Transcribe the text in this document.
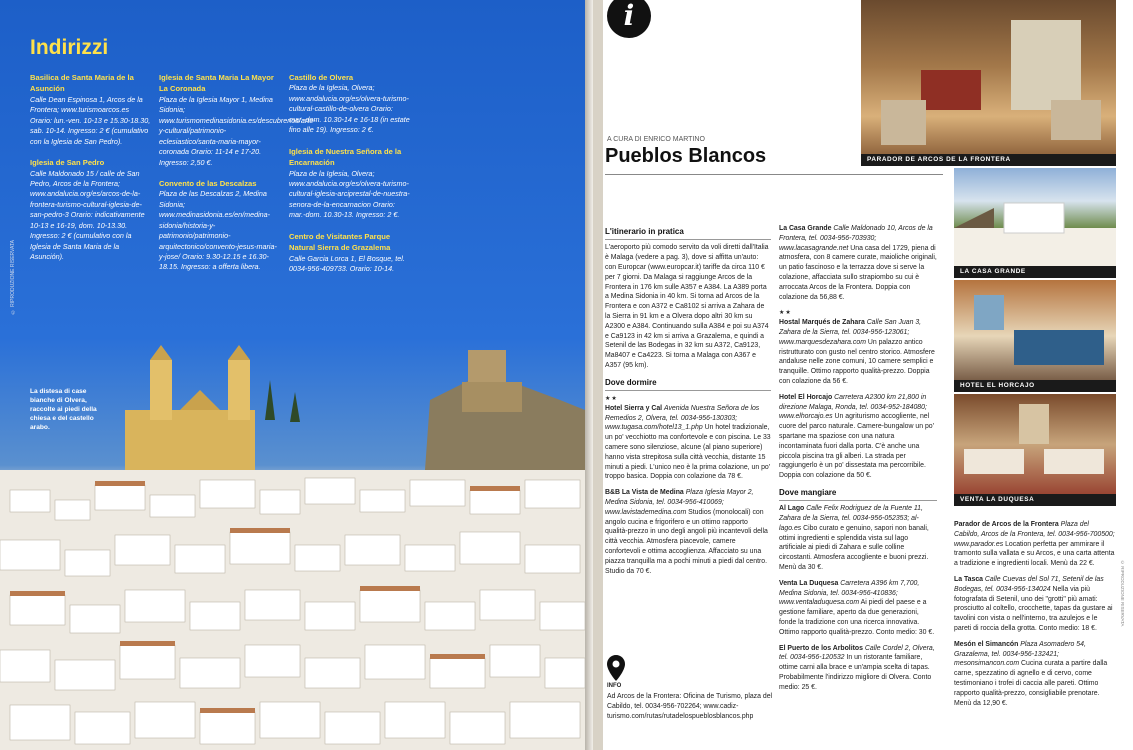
Indirizzi
Basilica de Santa Maria de la Asunción
Calle Dean Espinosa 1, Arcos de la Frontera; www.turismoarcos.es Orario: lun.-ven. 10-13 e 15.30-18.30, sab. 10-14. Ingresso: 2 € (cumulativo con la Iglesia de San Pedro).
Iglesia de San Pedro
Calle Maldonado 15 / calle de San Pedro, Arcos de la Frontera; www.andalucia.org/es/arcos-de-la-frontera-turismo-cultural-iglesia-de-san-pedro-3 Orario: indicativamente 10-13 e 16-19, dom. 10-13.30. Ingresso: 2 € (cumulativo con la Iglesia de Santa Maria de la Asunción).
Iglesia de Santa Maria La Mayor La Coronada
Plaza de la Iglesia Mayor 1, Medina Sidonia; www.turismomedinasidonia.es/descubrenos/arte-y-cultural/patrimonio-eclesiastico/santa-maria-mayor-coronada Orario: 11-14 e 17-20. Ingresso: 2,50 €.
Convento de las Descalzas
Plaza de las Descalzas 2, Medina Sidonia; www.medinasidonia.es/en/medina-sidonia/historia-y-patrimonio/patrimonio-arquitectonico/convento-jesus-maria-y-jose/ Orario: 9.30-12.15 e 16.30-18.15. Ingresso: a offerta libera.
Castillo de Olvera
Plaza de la Iglesia, Olvera; www.andalucia.org/es/olvera-turismo-cultural-castillo-de-olvera Orario: mar.-dom. 10.30-14 e 16-18 (in estate fino alle 19). Ingresso: 2 €.
Iglesia de Nuestra Señora de la Encarnación
Plaza de la Iglesia, Olvera; www.andalucia.org/es/olvera-turismo-cultural-iglesia-arciprestal-de-nuestra-senora-de-la-encarnacion Orario: mar.-dom. 10.30-13. Ingresso: 2 €.
Centro de Visitantes Parque Natural Sierra de Grazalema
Calle Garcia Lorca 1, El Bosque, tel. 0034-956-409733. Orario: 10-14.
© RIPRODUZIONE RISERVATA
La distesa di case bianche di Olvera, raccolte ai piedi della chiesa e del castello arabo.
i
A CURA DI ENRICO MARTINO
Pueblos Blancos
L'itinerario in pratica

L'aeroporto più comodo servito da voli diretti dall'Italia è Malaga (vedere a pag. 3), dove si affitta un'auto: con Europcar (www.europcar.it) tariffe da circa 110 € per 7 giorni. Da Malaga si raggiunge Arcos de la Frontera in 176 km sulle A357 e A384. La A389 porta a Medina Sidonia in 40 km. Si torna ad Arcos de la Frontera e con A372 e Ca8102 si arriva a Zahara de la Sierra in 91 km e a Olvera dopo altri 30 km su A2300 e A384. Continuando sulla A384 e poi su A374 e Ca9123 in 42 km si arriva a Grazalema, e quindi a Setenil de las Bodegas in 32 km su A372, Ca9123, Ma8407 e Ca4223. Si torna a Malaga con A367 e A357 (95 km).

Dove dormire

★★
Hotel Sierra y Cal Avenida Nuestra Señora de los Remedios 2, Olvera, tel. 0034-956-130303; www.tugasa.com/hotel13_1.php Un hotel tradizionale, un po' vecchiotto ma confortevole e con piscina. Le 33 camere sono silenziose, alcune (al piano superiore) hanno vista strepitosa sulla città vecchia, distante 15 minuti a piedi. L'unico neo è la prima colazione, un po' troppo basica. Doppia con colazione da 78 €.

B&B La Vista de Medina Plaza Iglesia Mayor 2, Medina Sidonia, tel. 0034-956-410069; www.lavistademedina.com Studios (monolocali) con angolo cucina e frigorifero e un ottimo rapporto qualità-prezzo in uno degli angoli più incantevoli della città vecchia. Atmosfera piacevole, camere confortevoli e ottima accoglienza. Affacciato su una piazza tranquilla ma a pochi minuti a piedi dal centro. Studio da 70 €.

La Casa Grande Calle Maldonado 10, Arcos de la Frontera, tel. 0034-956-703930; www.lacasagrande.net Una casa del 1729, piena di atmosfera, con 8 camere curate, maioliche originali, un patio fascinoso e la terrazza dove si serve la colazione, affacciata sullo strapiombo su cui è arroccata Arcos de la Frontera. Doppia con colazione da 56,88 €.

★★
Hostal Marqués de Zahara Calle San Juan 3, Zahara de la Sierra, tel. 0034-956-123061; www.marquesdezahara.com Un palazzo antico ristrutturato con gusto nel centro storico. Atmosfere andaluse nelle zone comuni, 10 camere semplici e tranquille. Ottimo rapporto qualità-prezzo. Doppia con colazione da 56 €.

Hotel El Horcajo Carretera A2300 km 21,800 in direzione Malaga, Ronda, tel. 0034-952-184080; www.elhorcajo.es Un agriturismo accogliente, nel cuore del parco naturale. Camere-bungalow un po' spartane ma spaziose con una natura incontaminata fuori dalla porta. C'è anche una piccola piscina tra gli alberi. La strada per raggiungerlo è un po' dissestata ma percorribile. Doppia con colazione da 50 €.

Dove mangiare

Al Lago Calle Felix Rodriguez de la Fuente 11, Zahara de la Sierra, tel. 0034-956-052353; al-lago.es Cibo curato e genuino, sapori non banali, ottimi ingredienti e splendida vista sul lago artificiale ai piedi di Zahara e sulle colline circostanti. Atmosfera accogliente e buoni prezzi. Menù da 30 €.

Venta La Duquesa Carretera A396 km 7,700, Medina Sidonia, tel. 0034-956-410836; www.ventaladuquesa.com Ai piedi del paese e a gestione familiare, aperto da due generazioni, fonde la tradizione con una ricerca innovativa. Ottimo rapporto qualità-prezzo. Conto medio: 30 €.

El Puerto de los Arbolitos Calle Cordel 2, Olvera, tel. 0034-956-120532 In un ristorante familiare, ottime carni alla brace e un'ampia scelta di tapas. Probabilmente l'indirizzo migliore di Olvera. Conto medio: 25 €.

Parador de Arcos de la Frontera Plaza del Cabildo, Arcos de la Frontera, tel. 0034-956-700500; www.parador.es Location perfetta per ammirare il tramonto sulla vallata e su Arcos, e una carta attenta a tradizione e ingredienti locali. Menù da 22 €.

La Tasca Calle Cuevas del Sol 71, Setenil de las Bodegas, tel. 0034-956-134024 Nella via più fotografata di Setenil, uno dei "grotti" più amati: prosciutto al coltello, crocchette, tapas da gustare ai tavolini con vista o nell'interno, tra azulejos e le pareti di roccia della grotta. Conto medio: 18 €.

Mesón el Simancón Plaza Asomadero 54, Grazalema, tel. 0034-956-132421; mesonsimancon.com Cucina curata a partire dalla carne, spezzatino di agnello e di cervo, come testimoniano i trofei di caccia alle pareti. Ottimo rapporto qualità-prezzo, consigliabile prenotare. Menù da 12,90 €.

PARADOR DE ARCOS DE LA FRONTERA
LA CASA GRANDE
HOTEL EL HORCAJO
VENTA LA DUQUESA
INFO
Ad Arcos de la Frontera: Oficina de Turismo, plaza del Cabildo, tel. 0034-956-702264; www.cadiz-turismo.com/rutas/rutadelospueblosblancos.php
© RIPRODUZIONE RISERVATA
